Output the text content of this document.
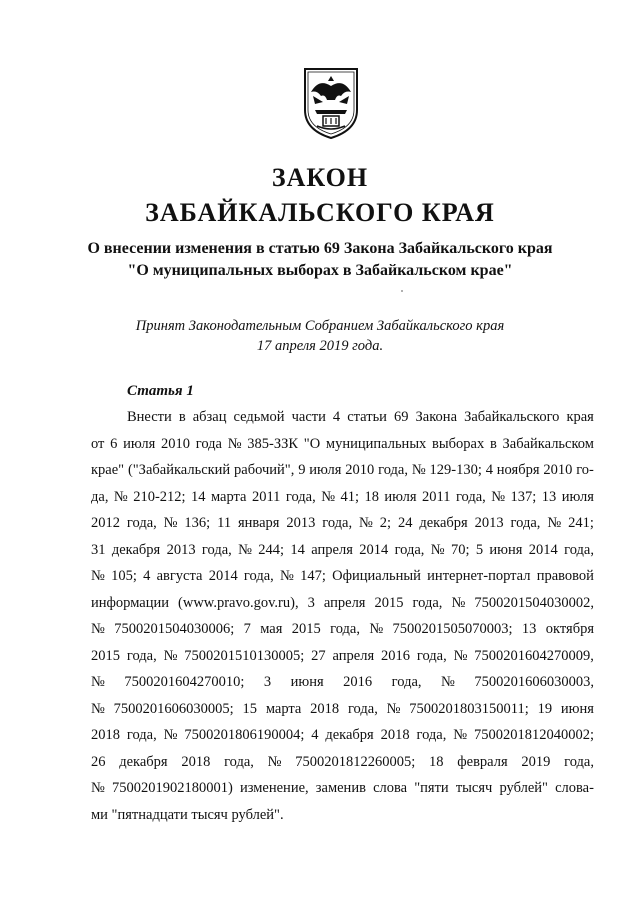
ЗАКОН
ЗАБАЙКАЛЬСКОГО КРАЯ
О внесении изменения в статью 69 Закона Забайкальского края
"О муниципальных выборах в Забайкальском крае"
Принят Законодательным Собранием Забайкальского края
17 апреля 2019 года.
Статья 1
Внести в абзац седьмой части 4 статьи 69 Закона Забайкальского края
от 6 июля 2010 года № 385-ЗЗК "О муниципальных выборах в Забайкальском
крае" ("Забайкальский рабочий", 9 июля 2010 года, № 129-130; 4 ноября 2010 го-
да, № 210-212; 14 марта 2011 года, № 41; 18 июля 2011 года, № 137; 13 июля
2012 года, № 136; 11 января 2013 года, № 2; 24 декабря 2013 года, № 241;
31 декабря 2013 года, № 244; 14 апреля 2014 года, № 70; 5 июня 2014 года,
№ 105; 4 августа 2014 года, № 147; Официальный интернет-портал правовой
информации (www.pravo.gov.ru), 3 апреля 2015 года, № 7500201504030002,
№ 7500201504030006; 7 мая 2015 года, № 7500201505070003; 13 октября
2015 года, № 7500201510130005; 27 апреля 2016 года, № 7500201604270009,
№ 7500201604270010; 3 июня 2016 года, № 7500201606030003,
№ 7500201606030005; 15 марта 2018 года, № 7500201803150011; 19 июня
2018 года, № 7500201806190004; 4 декабря 2018 года, № 7500201812040002;
26 декабря 2018 года, № 7500201812260005; 18 февраля 2019 года,
№ 7500201902180001) изменение, заменив слова "пяти тысяч рублей" слова-
ми "пятнадцати тысяч рублей".
